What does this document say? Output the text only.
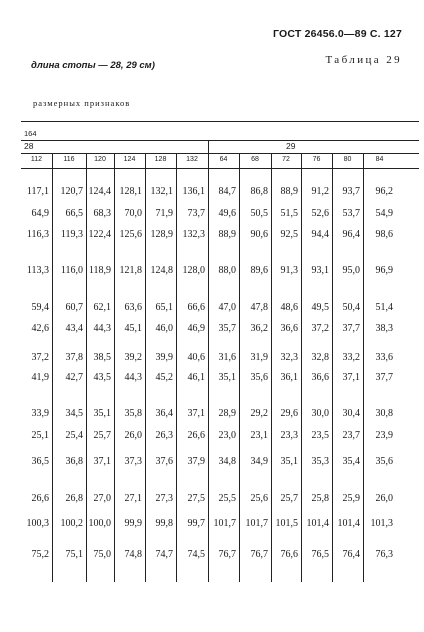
ГОСТ 26456.0—89 С. 127
длина стопы — 28, 29 см)	Таблица 29
размерных признаков
164
28	29
112	116	120	124	128	132	64	68	72	76	80	84
117,1	120,7 124,4 128,1 132,1 136,1	84,7	86,8	88,9	91,2	93,7	96,2
64,9	66,5	68,3	70,0	71,9	73,7	49,6	50,5	51,5	52,6	53,7	54,9
116,3	119,3 122,4 125,6 128,9 132,3	88,9	90,6	92,5	94,4	96,4	98,6
113,3	116,0 118,9 121,8 124,8 128,0	88,0	89,6	91,3	93,1	95,0	96,9
59,4	60,7	62,1	63,6	65,1	66,6	47,0	47,8	48,6	49,5	50,4	51,4
42,6	43,4	44,3	45,1	46,0	46,9	35,7	36,2	36,6	37,2	37,7	38,3
37,2	37,8	38,5	39,2	39,9	40,6	31,6	31,9	32,3	32,8	33,2	33,6
41,9	42,7	43,5	44,3	45,2	46,1	35,1	35,6	36,1	36,6	37,1	37,7
33,9	34,5	35,1	35,8	36,4	37,1	28,9	29,2	29,6	30,0	30,4	30,8
25,1	25,4	25,7	26,0	26,3	26,6	23,0	23,1	23,3	23,5	23,7	23,9
36,5	36,8	37,1	37,3	37,6	37,9	34,8	34,9	35,1	35,3	35,4	35,6
26,6	26,8	27,0	27,1	27,3	27,5	25,5	25,6	25,7	25,8	25,9	26,0
100,3	100,2 100,0	99,9	99,8	99,7 101,7 101,7 101,5 101,4 101,4	101,3
75,2	75,1	75,0	74,8	74,7	74,5	76,7	76,7	76,6	76,5	76,4	76,3
